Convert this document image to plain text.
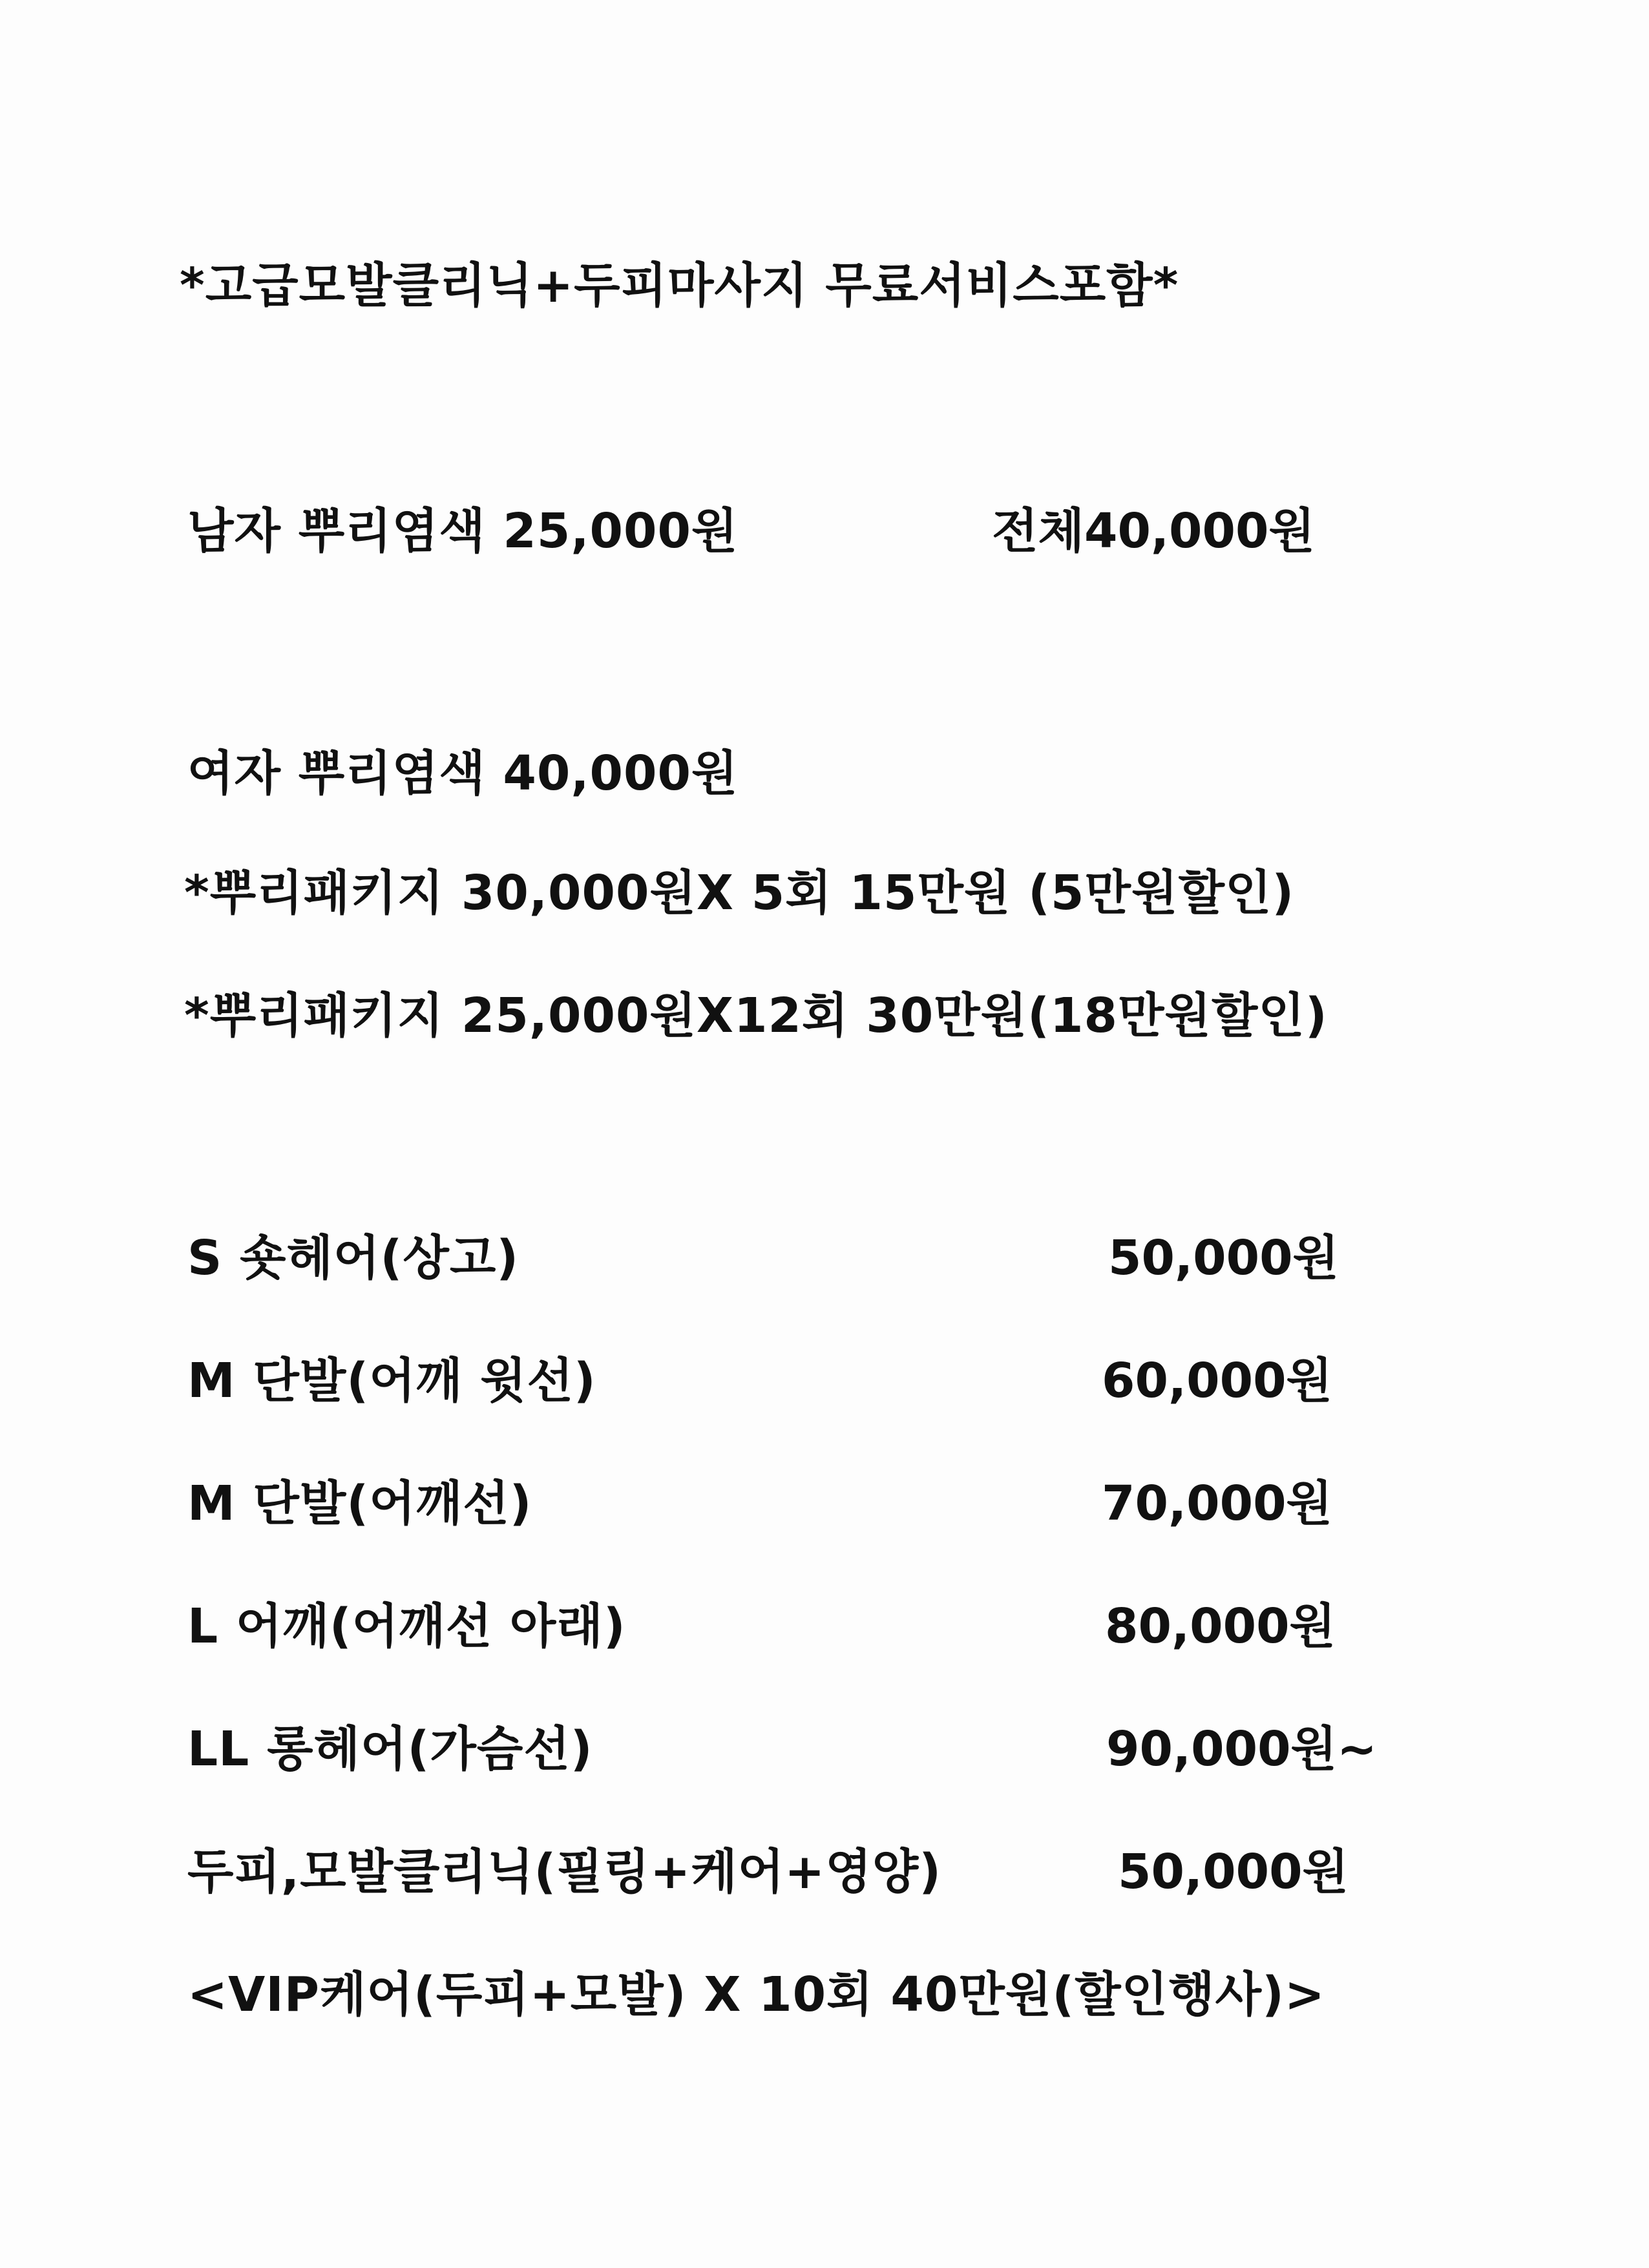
*고급모발클리닉+두피마사지 무료서비스포함*
남자 뿌리염색 25,000원	전체40,000원
여자 뿌리염색 40,000원
*뿌리패키지 30,000원X 5회 15만원 (5만원할인)
*뿌리패키지 25,000원X12회 30만원(18만원할인)
S 숏헤어(상고)	50,000원
M 단발(어깨 윗선)	60,000원
M 단발(어깨선)	70,000원
L 어깨(어깨선 아래)	80,000원
LL 롱헤어(가슴선)	90,000원~
두피,모발클리닉(필링+케어+영양)	50,000원
<VIP케어(두피+모발) X 10회 40만원(할인행사)>
